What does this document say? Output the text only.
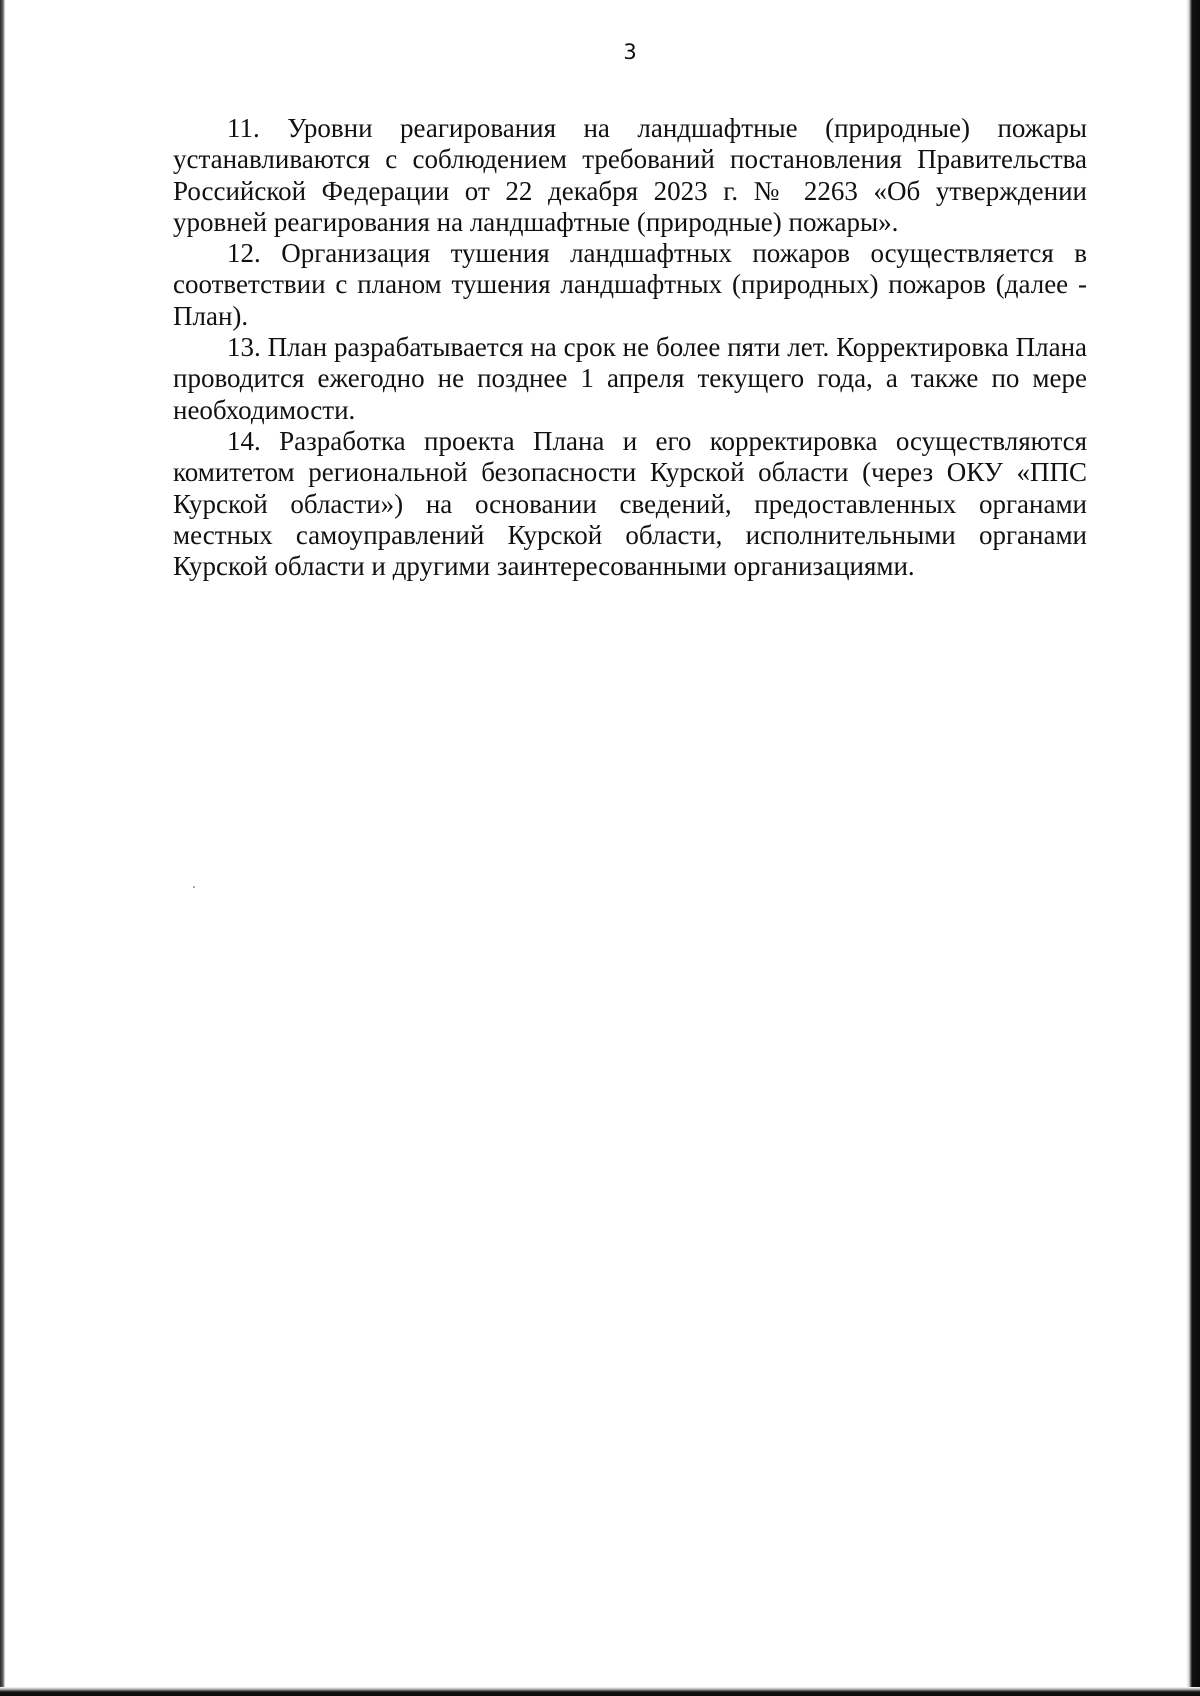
3

11. Уровни реагирования на ландшафтные (природные) пожары устанавливаются с соблюдением требований постановления Правительства Российской Федерации от 22 декабря 2023 г. № 2263 «Об утверждении уровней реагирования на ландшафтные (природные) пожары».

12. Организация тушения ландшафтных пожаров осуществляется в соответствии с планом тушения ландшафтных (природных) пожаров (далее - План).

13. План разрабатывается на срок не более пяти лет. Корректировка Плана проводится ежегодно не позднее 1 апреля текущего года, а также по мере необходимости.

14. Разработка проекта Плана и его корректировка осуществляются комитетом региональной безопасности Курской области (через ОКУ «ППС Курской области») на основании сведений, предоставленных органами местных самоуправлений Курской области, исполнительными органами Курской области и другими заинтересованными организациями.
